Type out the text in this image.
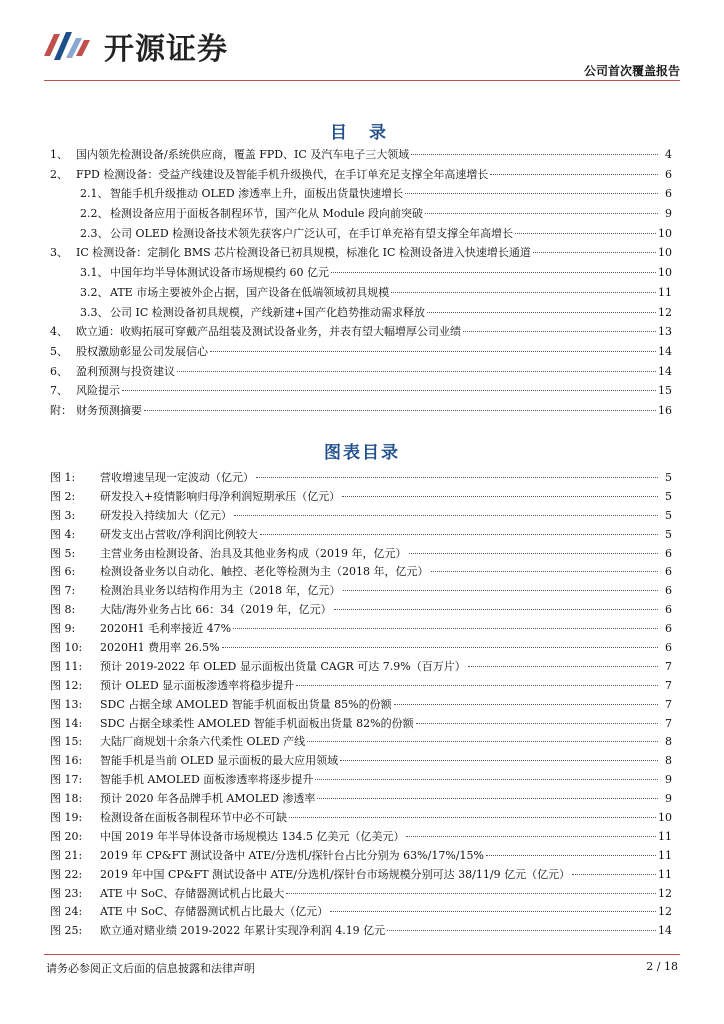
开源证券
公司首次覆盖报告
目 录
1、 国内领先检测设备/系统供应商，覆盖 FPD、IC 及汽车电子三大领域	4
2、 FPD 检测设备：受益产线建设及智能手机升级换代，在手订单充足支撑全年高速增长	6
2.1、 智能手机升级推动 OLED 渗透率上升，面板出货量快速增长	6
2.2、 检测设备应用于面板各制程环节，国产化从 Module 段向前突破	9
2.3、 公司 OLED 检测设备技术领先获客户广泛认可，在手订单充裕有望支撑全年高增长	10
3、 IC 检测设备：定制化 BMS 芯片检测设备已初具规模，标准化 IC 检测设备进入快速增长通道	10
3.1、 中国年均半导体测试设备市场规模约 60 亿元	10
3.2、 ATE 市场主要被外企占据，国产设备在低端领域初具规模	11
3.3、 公司 IC 检测设备初具规模，产线新建+国产化趋势推动需求释放	12
4、 欧立通：收购拓展可穿戴产品组装及测试设备业务，并表有望大幅增厚公司业绩	13
5、 股权激励彰显公司发展信心	14
6、 盈利预测与投资建议	14
7、 风险提示	15
附： 财务预测摘要	16
图表目录
图 1:	营收增速呈现一定波动（亿元）	5
图 2:	研发投入+疫情影响归母净利润短期承压（亿元）	5
图 3:	研发投入持续加大（亿元）	5
图 4:	研发支出占营收/净利润比例较大	5
图 5:	主营业务由检测设备、治具及其他业务构成（2019 年，亿元）	6
图 6:	检测设备业务以自动化、触控、老化等检测为主（2018 年，亿元）	6
图 7:	检测治具业务以结构作用为主（2018 年，亿元）	6
图 8:	大陆/海外业务占比 66：34（2019 年，亿元）	6
图 9:	2020H1 毛利率接近 47%	6
图 10:	2020H1 费用率 26.5%	6
图 11:	预计 2019-2022 年 OLED 显示面板出货量 CAGR 可达 7.9%（百万片）	7
图 12:	预计 OLED 显示面板渗透率将稳步提升	7
图 13:	SDC 占据全球 AMOLED 智能手机面板出货量 85%的份额	7
图 14:	SDC 占据全球柔性 AMOLED 智能手机面板出货量 82%的份额	7
图 15:	大陆厂商规划十余条六代柔性 OLED 产线	8
图 16:	智能手机是当前 OLED 显示面板的最大应用领域	8
图 17:	智能手机 AMOLED 面板渗透率将逐步提升	9
图 18:	预计 2020 年各品牌手机 AMOLED 渗透率	9
图 19:	检测设备在面板各制程环节中必不可缺	10
图 20:	中国 2019 年半导体设备市场规模达 134.5 亿美元（亿美元）	11
图 21:	2019 年 CP&FT 测试设备中 ATE/分选机/探针台占比分别为 63%/17%/15%	11
图 22:	2019 年中国 CP&FT 测试设备中 ATE/分选机/探针台市场规模分别可达 38/11/9 亿元（亿元）	11
图 23:	ATE 中 SoC、存储器测试机占比最大	12
图 24:	ATE 中 SoC、存储器测试机占比最大（亿元）	12
图 25:	欧立通对赌业绩 2019-2022 年累计实现净利润 4.19 亿元	14
请务必参阅正文后面的信息披露和法律声明	2 / 18
